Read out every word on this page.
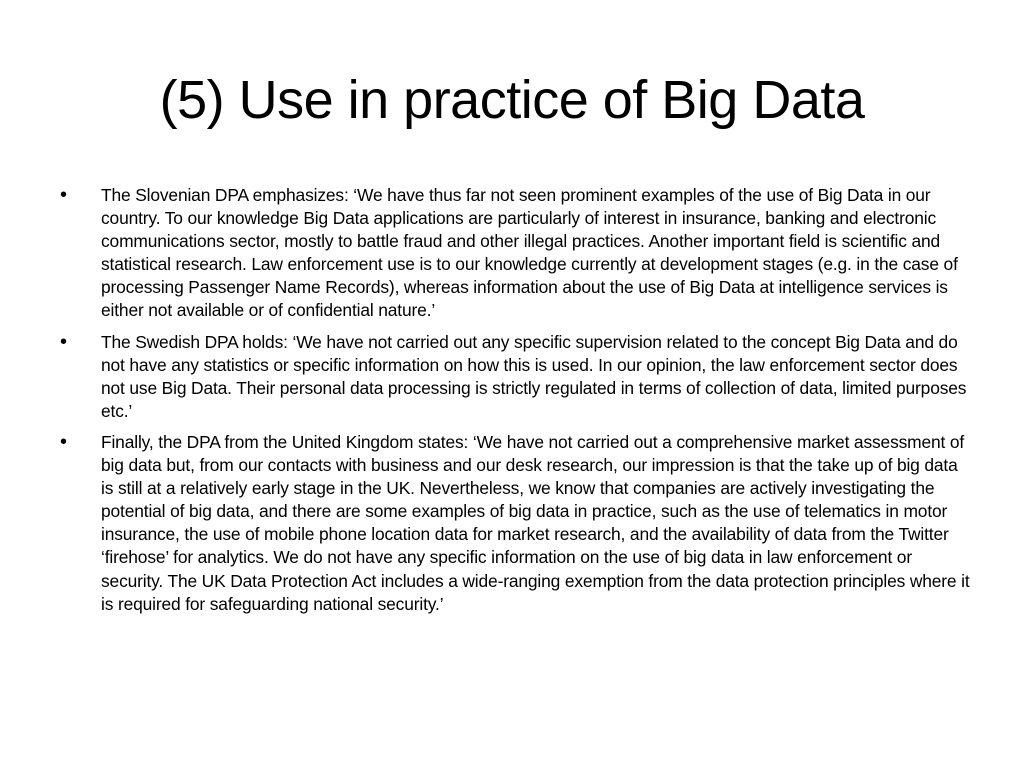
(5) Use in practice of Big Data
• The Slovenian DPA emphasizes: ‘We have thus far not seen prominent examples of the use of Big Data in our country. To our knowledge Big Data applications are particularly of interest in insurance, banking and electronic communications sector, mostly to battle fraud and other illegal practices. Another important field is scientific and statistical research. Law enforcement use is to our knowledge currently at development stages (e.g. in the case of processing Passenger Name Records), whereas information about the use of Big Data at intelligence services is either not available or of confidential nature.’
• The Swedish DPA holds: ‘We have not carried out any specific supervision related to the concept Big Data and do not have any statistics or specific information on how this is used. In our opinion, the law enforcement sector does not use Big Data. Their personal data processing is strictly regulated in terms of collection of data, limited purposes etc.’
• Finally, the DPA from the United Kingdom states: ‘We have not carried out a comprehensive market assessment of big data but, from our contacts with business and our desk research, our impression is that the take up of big data is still at a relatively early stage in the UK. Nevertheless, we know that companies are actively investigating the potential of big data, and there are some examples of big data in practice, such as the use of telematics in motor insurance, the use of mobile phone location data for market research, and the availability of data from the Twitter ‘firehose’ for analytics. We do not have any specific information on the use of big data in law enforcement or security. The UK Data Protection Act includes a wide-ranging exemption from the data protection principles where it is required for safeguarding national security.’
